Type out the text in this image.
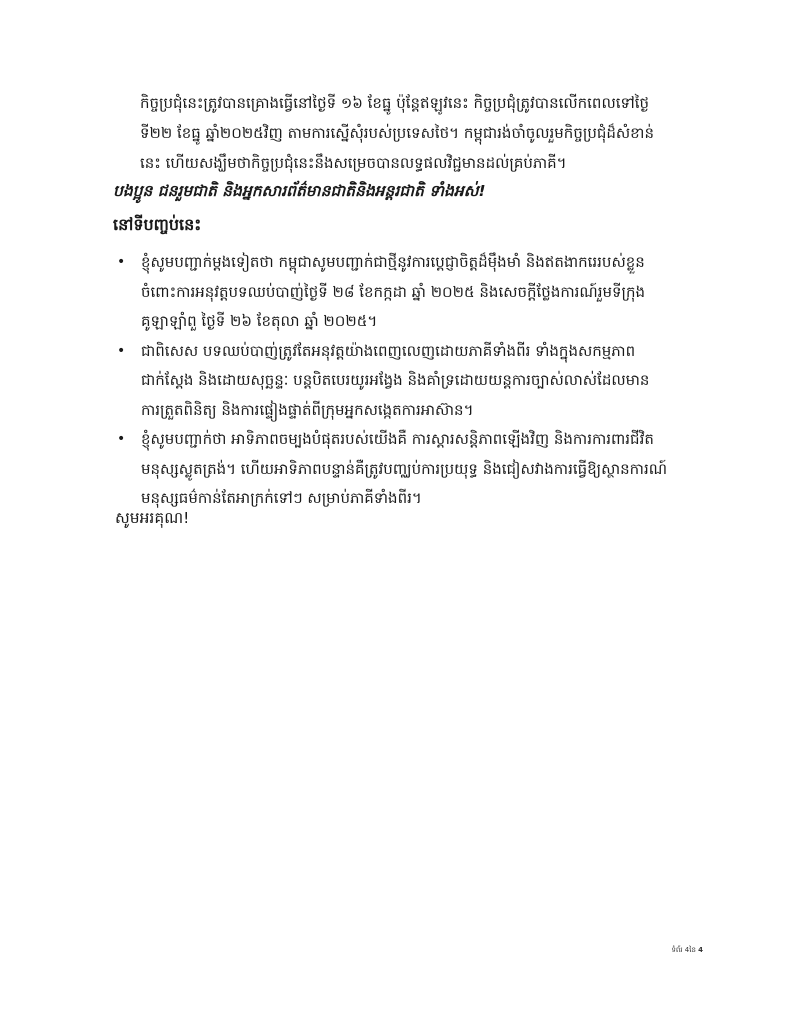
កិច្ចប្រជុំនេះត្រូវបានគ្រោងធ្វើនៅថ្ងៃទី ១៦ ខែធ្នូ ប៉ុន្តែឥឡូវនេះ កិច្ចប្រជុំត្រូវបានលើកពេលទៅថ្ងៃ
ទី២២ ខែធ្នូ ឆ្នាំ២០២៥វិញ តាមការស្នើសុំរបស់ប្រទេសថៃ។ កម្ពុជារង់ចាំចូលរួមកិច្ចប្រជុំដ៏សំខាន់
នេះ ហើយសង្ឃឹមថាកិច្ចប្រជុំនេះនឹងសម្រេចបានលទ្ធផលវិជ្ជមានដល់គ្រប់ភាគី។
បងប្អូន ជនរួមជាតិ និងអ្នកសារព័ត៌មានជាតិនិងអន្តរជាតិ ទាំងអស់!
នៅទីបញ្ចប់នេះ
• ខ្ញុំសូមបញ្ជាក់ម្តងទៀតថា កម្ពុជាសូមបញ្ជាក់ជាថ្មីនូវការប្តេជ្ញាចិត្តដ៏មុឹងមាំ និងឥតងាករេរបស់ខ្លួន
ចំពោះការអនុវត្តបទឈប់បាញ់ថ្ងៃទី ២៨ ខែកក្កដា ឆ្នាំ ២០២៥ និងសេចក្តីថ្លែងការណ៍រួមទីក្រុង
គូឡាឡាំពួ ថ្ងៃទី ២៦ ខែតុលា ឆ្នាំ ២០២៥។
• ជាពិសេស បទឈប់បាញ់ត្រូវតែអនុវត្តយ៉ាងពេញលេញដោយភាគីទាំងពីរ ទាំងក្នុងសកម្មភាព
ជាក់ស្តែង និងដោយសុច្ឆន្ទៈ បន្តបិតបេរយូរអង្វែង និងគាំទ្រដោយយន្តការច្បាស់លាស់ដែលមាន
ការត្រួតពិនិត្យ និងការផ្ទៀងផ្ទាត់ពីក្រុមអ្នកសង្កេតការអាស៊ាន។
• ខ្ញុំសូមបញ្ជាក់ថា អាទិភាពចម្បងបំផុតរបស់យើងគឺ ការស្តារសន្តិភាពឡើងវិញ និងការការពារជីវិត
មនុស្សស្លូតត្រង់។ ហើយអាទិភាពបន្ទាន់គឺត្រូវបញ្ឈប់ការប្រយុទ្ធ និងជៀសវាងការធ្វើឱ្យស្ថានការណ៍
មនុស្សធម៌កាន់តែអាក្រក់ទៅៗ សម្រាប់ភាគីទាំងពីរ។
សូមអរគុណ!
ទំព័រ 4នៃ 4
